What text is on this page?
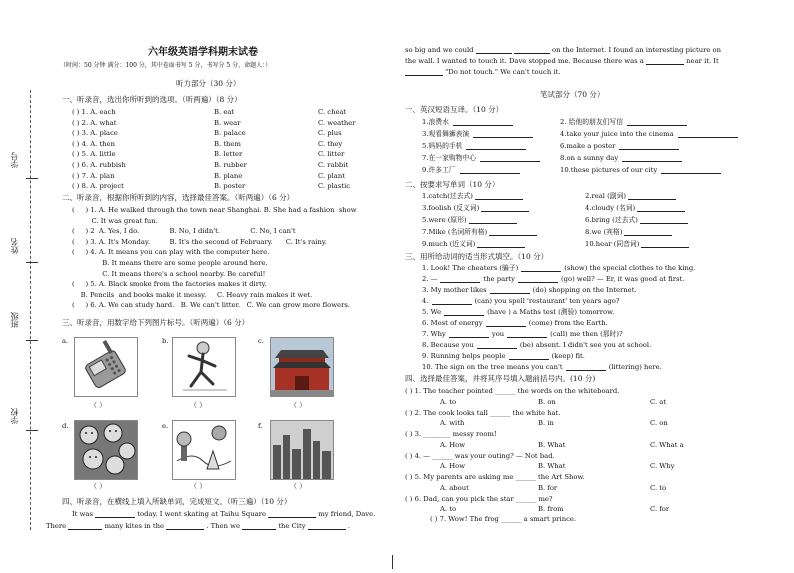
学号
姓名
班级
学校
六年级英语学科期末试卷
（时间：50 分钟 满分：100 分，其中卷面书写 5 分，书写分 5 分，命题人：）
听力部分（30 分）
一、听录音，选出你所听到的选项。（听两遍）（8 分）
( ) 1. A. each	B. eat	C. cheat
( ) 2. A. what	B. wear	C. weather
( ) 3. A. place	B. palace	C. plus
( ) 4. A. then	B. them	C. they
( ) 5. A. little	B. letter	C. litter
( ) 6. A. rubbish	B. rubber	C. rabbit
( ) 7. A. plan	B. plane	C. plant
( ) 8. A. project	B. poster	C. plastic
二、听录音，根据你所听到的内容，选择最佳答案。（听两遍）（6 分）
(     ) 1. A. He walked through the town near Shanghai. B. She had a fashion  show
C. It was great fun.
(     ) 2  A. Yes, I do.              B. No, I didn't.              C. No, I can't
(     ) 3. A. It's Monday.         B. It's the second of February.      C. It's rainy.
(     ) 4. A. It means you can play with the computer here.
B. It means there are some people around here.
C. It means there's a school nearby. Be careful!
(     ) 5. A. Black smoke from the factories makes it dirty.
B. Pencils  and books make it messy.     C. Heavy rain makes it wet.
(     ) 6. A. We can study hard.   B. We can't litter.   C. We can grow more flowers.
三、听录音，用数字给下列图片标号。（听两遍）（6 分）
a.
（ ）
b.
（ ）
c.
（ ）
d.
（ ）
e.
（ ）
f.
（ ）
四、听录音，在横线上填入所缺单词，完成短文。（听三遍）（10 分）
It was	today. I went skating at Taihu Square	my friend, Dave.
There	many kites in the	. Then we	the City	.
so big and we could	on the Internet. I found an interesting picture on
the wall. I wanted to touch it. Dave stopped me. Because there was a	near it. It
"Do not touch." We can't touch it.
笔试部分（70 分）
一、英汉短语互译。（10 分）
1.浪费水	2. 给他的朋友们写信
3.观看舞狮表演	4.take your juice into the cinema
5.妈妈的手机	6.make a poster
7.在一家购物中心	8.on a sunny day
9.许多工厂	10.these pictures of our city
二、按要求写单词（10 分）
1.catch(过去式)	2.real (副词)
3.foolish (反义词)	4.cloudy (名词)
5.were (原形)	6.bring (过去式)
7.Mike (名词所有格)	8.we (宾格)
9.much (近义词)	10.hear (同音词)
三、用所给动词的适当形式填空。（10 分）
1. Look! The cheaters (骗子)	(show) the special clothes to the king.
2. —	the party	(go) well? — Er, it was good at first.
3. My mother likes	(do) shopping on the Internet.
4.	(can) you spell 'restaurant' ten years ago?
5. We	(have ) a Maths test (测验) tomorrow.
6. Most of energy	(come) from the Earth.
7. Why	you	(call) me then (那时)?
8. Because you	(be) absent. I didn't see you at school.
9. Running helps people	(keep) fit.
10. The sign on the tree means you can't	(littering) here.
四、选择最佳答案，并将其序号填入题前括号内。(10 分)
( ) 1. The teacher pointed ______ the words on the whiteboard.
A. to	B. on	C. at
( ) 2. The cook looks tall ______ the white hat.
A. with	B. in	C. on
( ) 3. ________ messy room!
A. How	B. What	C. What a
( ) 4. — ______ was your outing? — Not bad.
A. How	B. What	C. Why
( ) 5. My parents are asking me ______ the Art Show.
A. about	B. for	C. to
( ) 6. Dad, can you pick the star ______ me?
A. to	B. from	C. for
( ) 7. Wow! The frog ______ a smart prince.
